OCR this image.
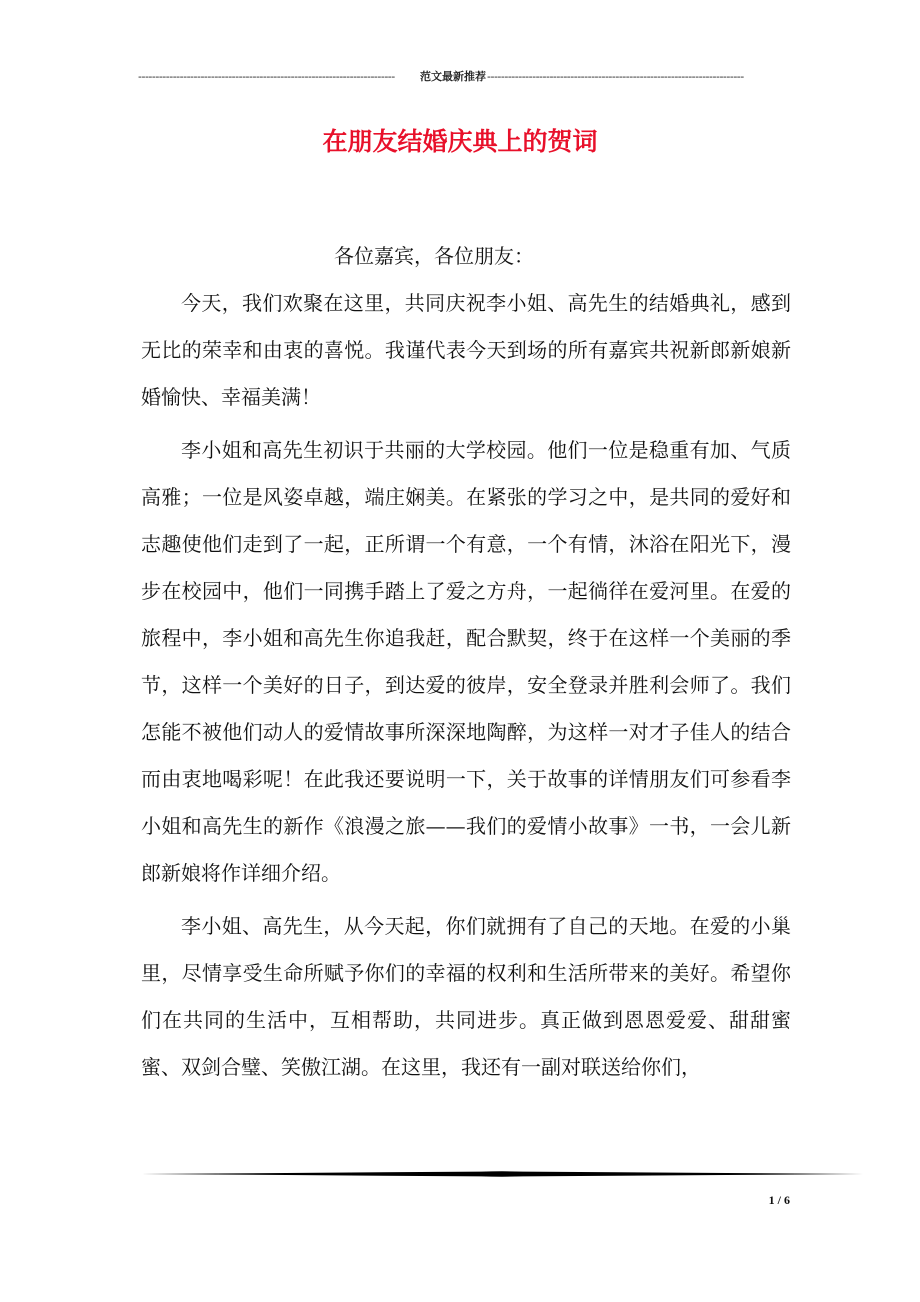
--------------------------------------------------------------------------	范文最新推荐 --------------------------------------------------------------------------
在朋友结婚庆典上的贺词

各位嘉宾，各位朋友：

今天，我们欢聚在这里，共同庆祝李小姐、高先生的结婚典礼，感到无比的荣幸和由衷的喜悦。我谨代表今天到场的所有嘉宾共祝新郎新娘新婚愉快、幸福美满！

李小姐和高先生初识于共丽的大学校园。他们一位是稳重有加、气质高雅；一位是风姿卓越，端庄娴美。在紧张的学习之中，是共同的爱好和志趣使他们走到了一起，正所谓一个有意，一个有情，沐浴在阳光下，漫步在校园中，他们一同携手踏上了爱之方舟，一起徜徉在爱河里。在爱的旅程中，李小姐和高先生你追我赶，配合默契，终于在这样一个美丽的季节，这样一个美好的日子，到达爱的彼岸，安全登录并胜利会师了。我们怎能不被他们动人的爱情故事所深深地陶醉，为这样一对才子佳人的结合而由衷地喝彩呢！在此我还要说明一下，关于故事的详情朋友们可参看李小姐和高先生的新作《浪漫之旅——我们的爱情小故事》一书，一会儿新郎新娘将作详细介绍。

李小姐、高先生，从今天起，你们就拥有了自己的天地。在爱的小巢里，尽情享受生命所赋予你们的幸福的权利和生活所带来的美好。希望你们在共同的生活中，互相帮助，共同进步。真正做到恩恩爱爱、甜甜蜜蜜、双剑合璧、笑傲江湖。在这里，我还有一副对联送给你们，

1 / 6
